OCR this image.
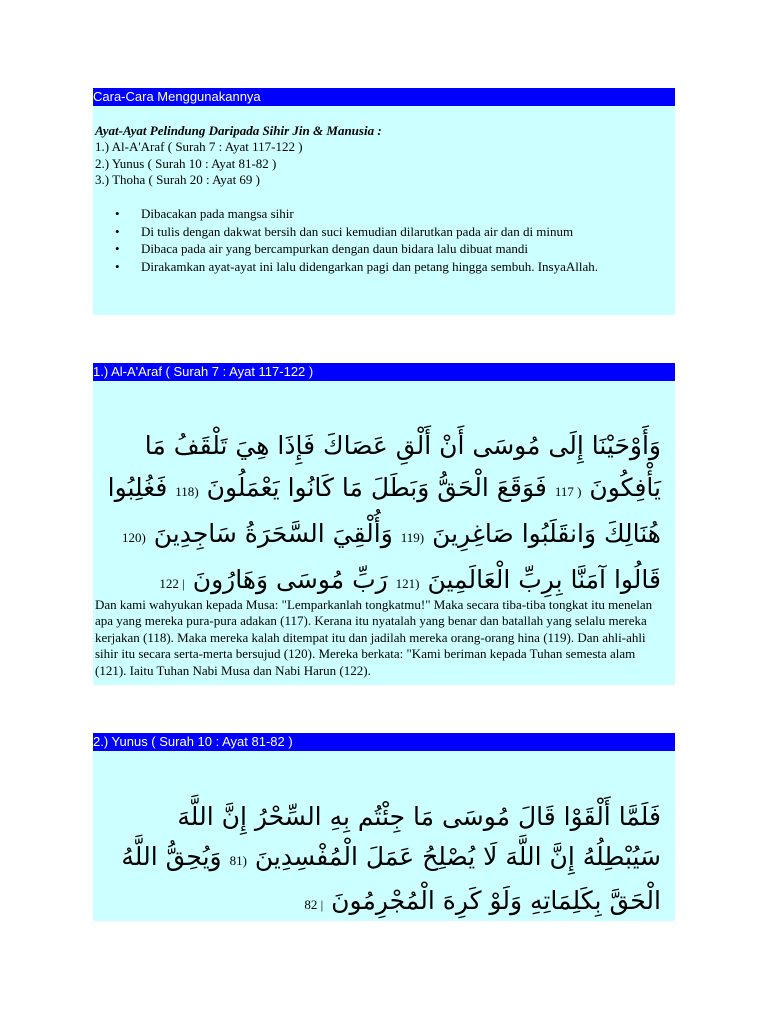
Cara-Cara Menggunakannya
Ayat-Ayat Pelindung Daripada Sihir Jin & Manusia :
1.) Al-A'Araf ( Surah 7 : Ayat 117-122 )
2.) Yunus ( Surah 10 : Ayat 81-82 )
3.) Thoha ( Surah 20 : Ayat 69 )
• Dibacakan pada mangsa sihir
• Di tulis dengan dakwat bersih dan suci kemudian dilarutkan pada air dan di minum
• Dibaca pada air yang bercampurkan dengan daun bidara lalu dibuat mandi
• Dirakamkan ayat-ayat ini lalu didengarkan pagi dan petang hingga sembuh. InsyaAllah.
1.) Al-A'Araf ( Surah 7 : Ayat 117-122 )
وَأَوْحَيْنَا إِلَى مُوسَى أَنْ أَلْقِ عَصَاكَ فَإِذَا هِيَ تَلْقَفُ مَا يَأْفِكُونَ ( 117 فَوَقَعَ الْحَقُّ وَبَطَلَ مَا كَانُوا يَعْمَلُونَ (118 فَغُلِبُوا هُنَالِكَ وَانقَلَبُوا صَاغِرِينَ (119 وَأُلْقِيَ السَّحَرَةُ سَاجِدِينَ (120 قَالُوا آمَنَّا بِرِبِّ الْعَالَمِينَ (121 رَبِّ مُوسَى وَهَارُونَ | 122
Dan kami wahyukan kepada Musa: "Lemparkanlah tongkatmu!" Maka secara tiba-tiba tongkat itu menelan apa yang mereka pura-pura adakan (117). Kerana itu nyatalah yang benar dan batallah yang selalu mereka kerjakan (118). Maka mereka kalah ditempat itu dan jadilah mereka orang-orang hina (119). Dan ahli-ahli sihir itu secara serta-merta bersujud (120). Mereka berkata: "Kami beriman kepada Tuhan semesta alam (121). Iaitu Tuhan Nabi Musa dan Nabi Harun (122).
2.) Yunus ( Surah 10 : Ayat 81-82 )
فَلَمَّا أَلْقَوْا قَالَ مُوسَى مَا جِئْتُم بِهِ السِّحْرُ إِنَّ اللَّهَ سَيُبْطِلُهُ إِنَّ اللَّهَ لَا يُصْلِحُ عَمَلَ الْمُفْسِدِينَ (81 وَيُحِقُّ اللَّهُ الْحَقَّ بِكَلِمَاتِهِ وَلَوْ كَرِهَ الْمُجْرِمُونَ | 82
